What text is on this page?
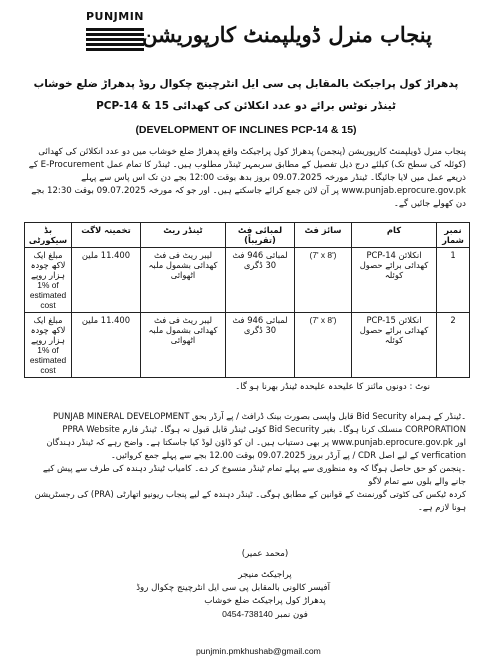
PUNJMIN
پنجاب منرل ڈویلپمنٹ کارپوریشن
پدھراڑ کول پراجیکٹ بالمقابل پی سی ایل انٹرچینج چکوال روڈ پدھراڑ ضلع خوشاب
ٹینڈر نوٹس برائے دو عدد انکلائن کی کھدائی PCP-14 & 15
(DEVELOPMENT OF INCLINES PCP-14 & 15)
پنجاب منرل ڈویلپمنٹ کارپوریشن (پنجمن) پدھراڑ کول پراجیکٹ واقع پدھراڑ ضلع خوشاب میں دو عدد انکلائن کی کھدائی (کوئلہ کی سطح تک) کیلئے درج ذیل تفصیل کے مطابق سربمہر ٹینڈر مطلوب ہیں۔ ٹینڈر کا تمام عمل E-Procurement کے ذریعے عمل میں لایا جائیگا۔ ٹینڈر مورخہ 09.07.2025 بروز بدھ بوقت 12:00 بجے دن تک اس پاس سے پہلے www.punjab.eprocure.gov.pk پر آن لائن جمع کرائے جاسکتے ہیں۔ اور جو کہ مورخہ 09.07.2025 بوقت 12:30 بجے دن کھولے جائیں گے۔
نمبر شمار	کام	سائز فٹ	لمبائی فٹ (تقریباً)	ٹینڈر ریٹ	تخمینہ لاگت	بڈ سیکورٹی
1	انکلائن PCP-14 کھدائی برائے حصول کوئلہ	(7' x 8')	لمبائی 946 فٹ 30 ڈگری	لیبر ریٹ فی فٹ کھدائی بشمول ملبہ اٹھوائی	11.400 ملین	مبلغ ایک لاکھ چودہ ہزار روپے
1% of
estimated cost

2	انکلائن PCP-15 کھدائی برائے حصول کوئلہ	(7' x 8')	لمبائی 946 فٹ 30 ڈگری	لیبر ریٹ فی فٹ کھدائی بشمول ملبہ اٹھوائی	11.400 ملین	مبلغ ایک لاکھ چودہ ہزار روپے
1% of
estimated cost
نوٹ : دونوں مائنز کا علیحدہ علیحدہ ٹینڈر بھرنا ہو گا۔
۔ٹینڈر کے ہمراہ Bid Security قابل واپسی بصورت بینک ڈرافٹ / پے آرڈر بحق PUNJAB MINERAL DEVELOPMENT
CORPORATION منسلک کرنا ہوگا۔ بغیر Bid Security کوئی ٹینڈر قابل قبول نہ ہوگا۔ ٹینڈر فارم PPRA Website
اور www.punjab.eprocure.gov.pk پر بھی دستیاب ہیں۔ ان کو ڈاؤن لوڈ کیا جاسکتا ہے۔ واضح رہے کہ ٹینڈر دہندگان
verfication کے لیے اصل CDR / پے آرڈر بروز 09.07.2025 بوقت 12.00 بجے سے پہلے جمع کروائیں۔
۔پنجمن کو حق حاصل ہوگا کہ وہ منظوری سے پہلے تمام ٹینڈر منسوخ کر دے۔ کامیاب ٹینڈر دہندہ کی طرف سے پیش کیے جانے والے بلوں سے تمام لاگو
کردہ ٹیکس کی کٹوتی گورنمنٹ کے قوانین کے مطابق ہوگی۔ ٹینڈر دہندہ کے لیے پنجاب ریونیو اتھارٹی (PRA) کی رجسٹریشن ہونا لازم ہے۔
(محمد عمیر)
پراجیکٹ منیجر
آفیسر کالونی بالمقابل پی سی ایل انٹرچینج چکوال روڈ
پدھراڑ کول پراجیکٹ ضلع خوشاب
فون نمبر 0454-738140
punjmin.pmkhushab@gmail.com
